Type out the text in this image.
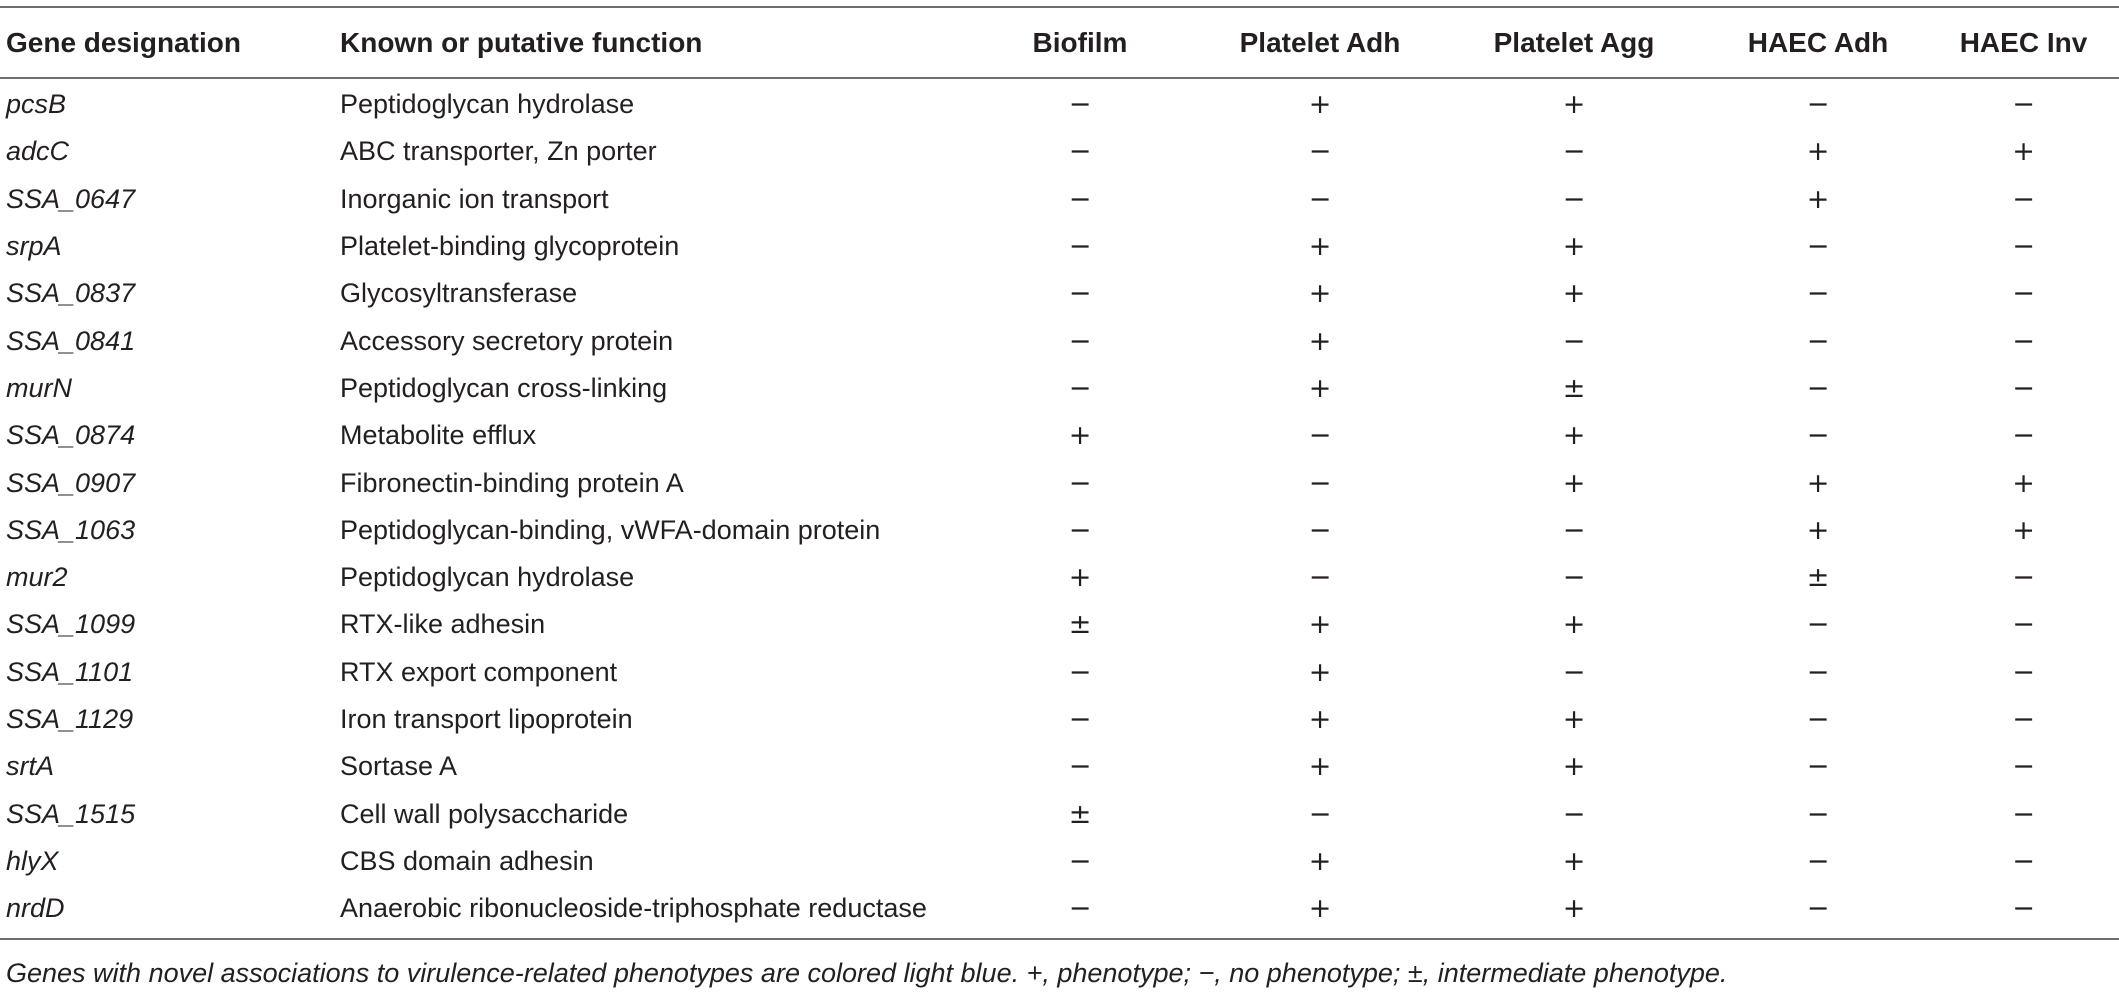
Gene designation	Known or putative function	Biofilm	Platelet Adh	Platelet Agg	HAEC Adh	HAEC Inv
pcsB	Peptidoglycan hydrolase	−	+	+	−	−
adcC	ABC transporter, Zn porter	−	−	−	+	+
SSA_0647	Inorganic ion transport	−	−	−	+	−
srpA	Platelet-binding glycoprotein	−	+	+	−	−
SSA_0837	Glycosyltransferase	−	+	+	−	−
SSA_0841	Accessory secretory protein	−	+	−	−	−
murN	Peptidoglycan cross-linking	−	+	±	−	−
SSA_0874	Metabolite efflux	+	−	+	−	−
SSA_0907	Fibronectin-binding protein A	−	−	+	+	+
SSA_1063	Peptidoglycan-binding, vWFA-domain protein	−	−	−	+	+
mur2	Peptidoglycan hydrolase	+	−	−	±	−
SSA_1099	RTX-like adhesin	±	+	+	−	−
SSA_1101	RTX export component	−	+	−	−	−
SSA_1129	Iron transport lipoprotein	−	+	+	−	−
srtA	Sortase A	−	+	+	−	−
SSA_1515	Cell wall polysaccharide	±	−	−	−	−
hlyX	CBS domain adhesin	−	+	+	−	−
nrdD	Anaerobic ribonucleoside-triphosphate reductase	−	+	+	−	−
Genes with novel associations to virulence-related phenotypes are colored light blue. +, phenotype; −, no phenotype; ±, intermediate phenotype.
